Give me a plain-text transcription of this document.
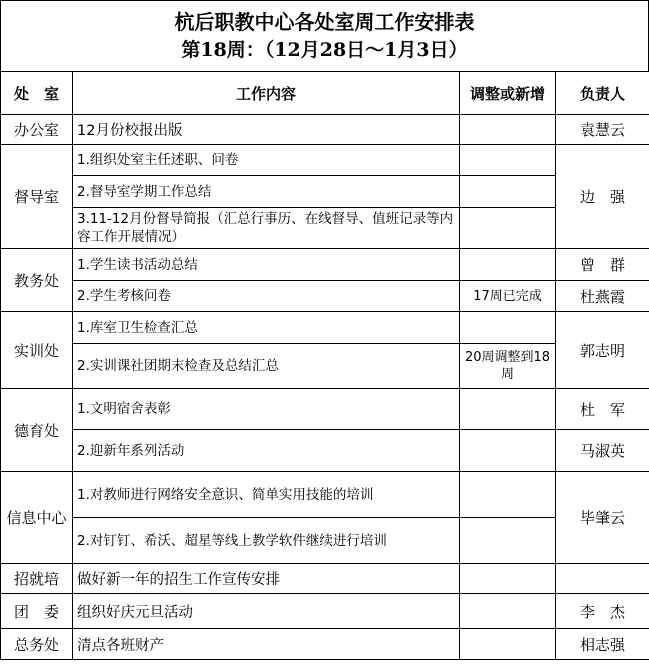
杭后职教中心各处室周工作安排表
第18周：（12月28日～1月3日）
处　室	工作内容	调整或新增	负责人
办公室	12月份校报出版		袁慧云
督导室	1.组织处室主任述职、问卷		边　强
	2.督导室学期工作总结		
	3.11-12月份督导简报（汇总行事历、在线督导、值班记录等内容工作开展情况）		
教务处	1.学生读书活动总结		曾　群
	2.学生考核问卷	17周已完成	杜燕霞
实训处	1.库室卫生检查汇总		郭志明
	2.实训课社团期末检查及总结汇总	20周调整到18周	
德育处	1.文明宿舍表彰		杜　军
	2.迎新年系列活动		马淑英
信息中心	1.对教师进行网络安全意识、简单实用技能的培训		毕肇云
	2.对钉钉、希沃、超星等线上教学软件继续进行培训		
招就培	做好新一年的招生工作宣传安排		
团　委	组织好庆元旦活动		李　杰
总务处	清点各班财产		相志强
